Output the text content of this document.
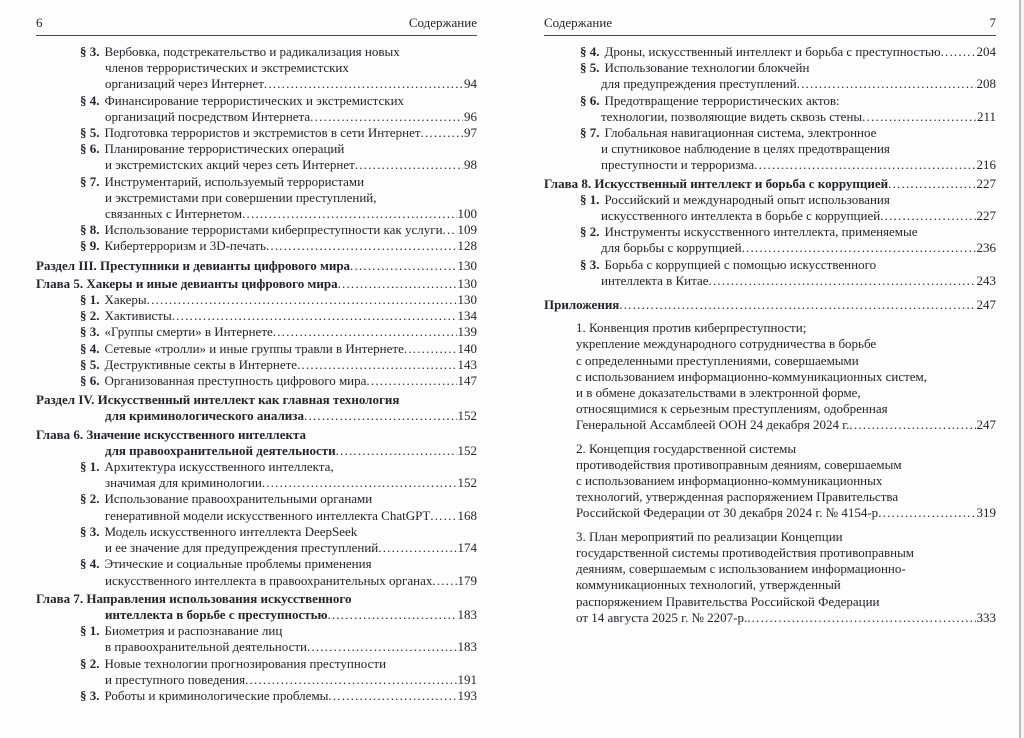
6	Содержание
§ 3. Вербовка, подстрекательство и радикализация новых
членов террористических и экстремистских
организаций через Интернет .....	94
§ 4. Финансирование террористических и экстремистских
организаций посредством Интернета .....	96
§ 5. Подготовка террористов и экстремистов в сети Интернет .....	97
§ 6. Планирование террористических операций
и экстремистских акций через сеть Интернет .....	98
§ 7. Инструментарий, используемый террористами
и экстремистами при совершении преступлений,
связанных с Интернетом .....	100
§ 8. Использование террористами киберпреступности как услуги ..... 109
§ 9. Кибертерроризм и 3D-печать .....	128
Раздел III. Преступники и девианты цифрового мира .....	130
Глава 5. Хакеры и иные девианты цифрового мира .....	130
§ 1. Хакеры .....	130
§ 2. Хактивисты .....	134
§ 3. «Группы смерти» в Интернете .....	139
§ 4. Сетевые «тролли» и иные группы травли в Интернете .....	140
§ 5. Деструктивные секты в Интернете .....	143
§ 6. Организованная преступность цифрового мира .....	147
Раздел IV. Искусственный интеллект как главная технология
для криминологического анализа .....	152
Глава 6. Значение искусственного интеллекта
для правоохранительной деятельности .....	152
§ 1. Архитектура искусственного интеллекта,
значимая для криминологии .....	152
§ 2. Использование правоохранительными органами
генеративной модели искусственного интеллекта ChatGPT ..... 168
§ 3. Модель искусственного интеллекта DeepSeek
и ее значение для предупреждения преступлений .....	174
§ 4. Этические и социальные проблемы применения
искусственного интеллекта в правоохранительных органах ..... 179
Глава 7. Направления использования искусственного
интеллекта в борьбе с преступностью .....	183
§ 1. Биометрия и распознавание лиц
в правоохранительной деятельности .....	183
§ 2. Новые технологии прогнозирования преступности
и преступного поведения .....	191
§ 3. Роботы и криминологические проблемы .....	193
Содержание	7
§ 4. Дроны, искусственный интеллект и борьба с преступностью .....	204
§ 5. Использование технологии блокчейн
для предупреждения преступлений .....	208
§ 6. Предотвращение террористических актов:
технологии, позволяющие видеть сквозь стены .....	211
§ 7. Глобальная навигационная система, электронное
и спутниковое наблюдение в целях предотвращения
преступности и терроризма .....	216
Глава 8. Искусственный интеллект и борьба с коррупцией .....	227
§ 1. Российский и международный опыт использования
искусственного интеллекта в борьбе с коррупцией .....	227
§ 2. Инструменты искусственного интеллекта, применяемые
для борьбы с коррупцией .....	236
§ 3. Борьба с коррупцией с помощью искусственного
интеллекта в Китае .....	243
Приложения .....	247
1. Конвенция против киберпреступности;
укрепление международного сотрудничества в борьбе
с определенными преступлениями, совершаемыми
с использованием информационно-коммуникационных систем,
и в обмене доказательствами в электронной форме,
относящимися к серьезным преступлениям, одобренная
Генеральной Ассамблеей ООН 24 декабря 2024 г. .....	247
2. Концепция государственной системы
противодействия противоправным деяниям, совершаемым
с использованием информационно-коммуникационных
технологий, утвержденная распоряжением Правительства
Российской Федерации от 30 декабря 2024 г. № 4154-р .....	319
3. План мероприятий по реализации Концепции
государственной системы противодействия противоправным
деяниям, совершаемым с использованием информационно-
коммуникационных технологий, утвержденный
распоряжением Правительства Российской Федерации
от 14 августа 2025 г. № 2207-р. .....	333
